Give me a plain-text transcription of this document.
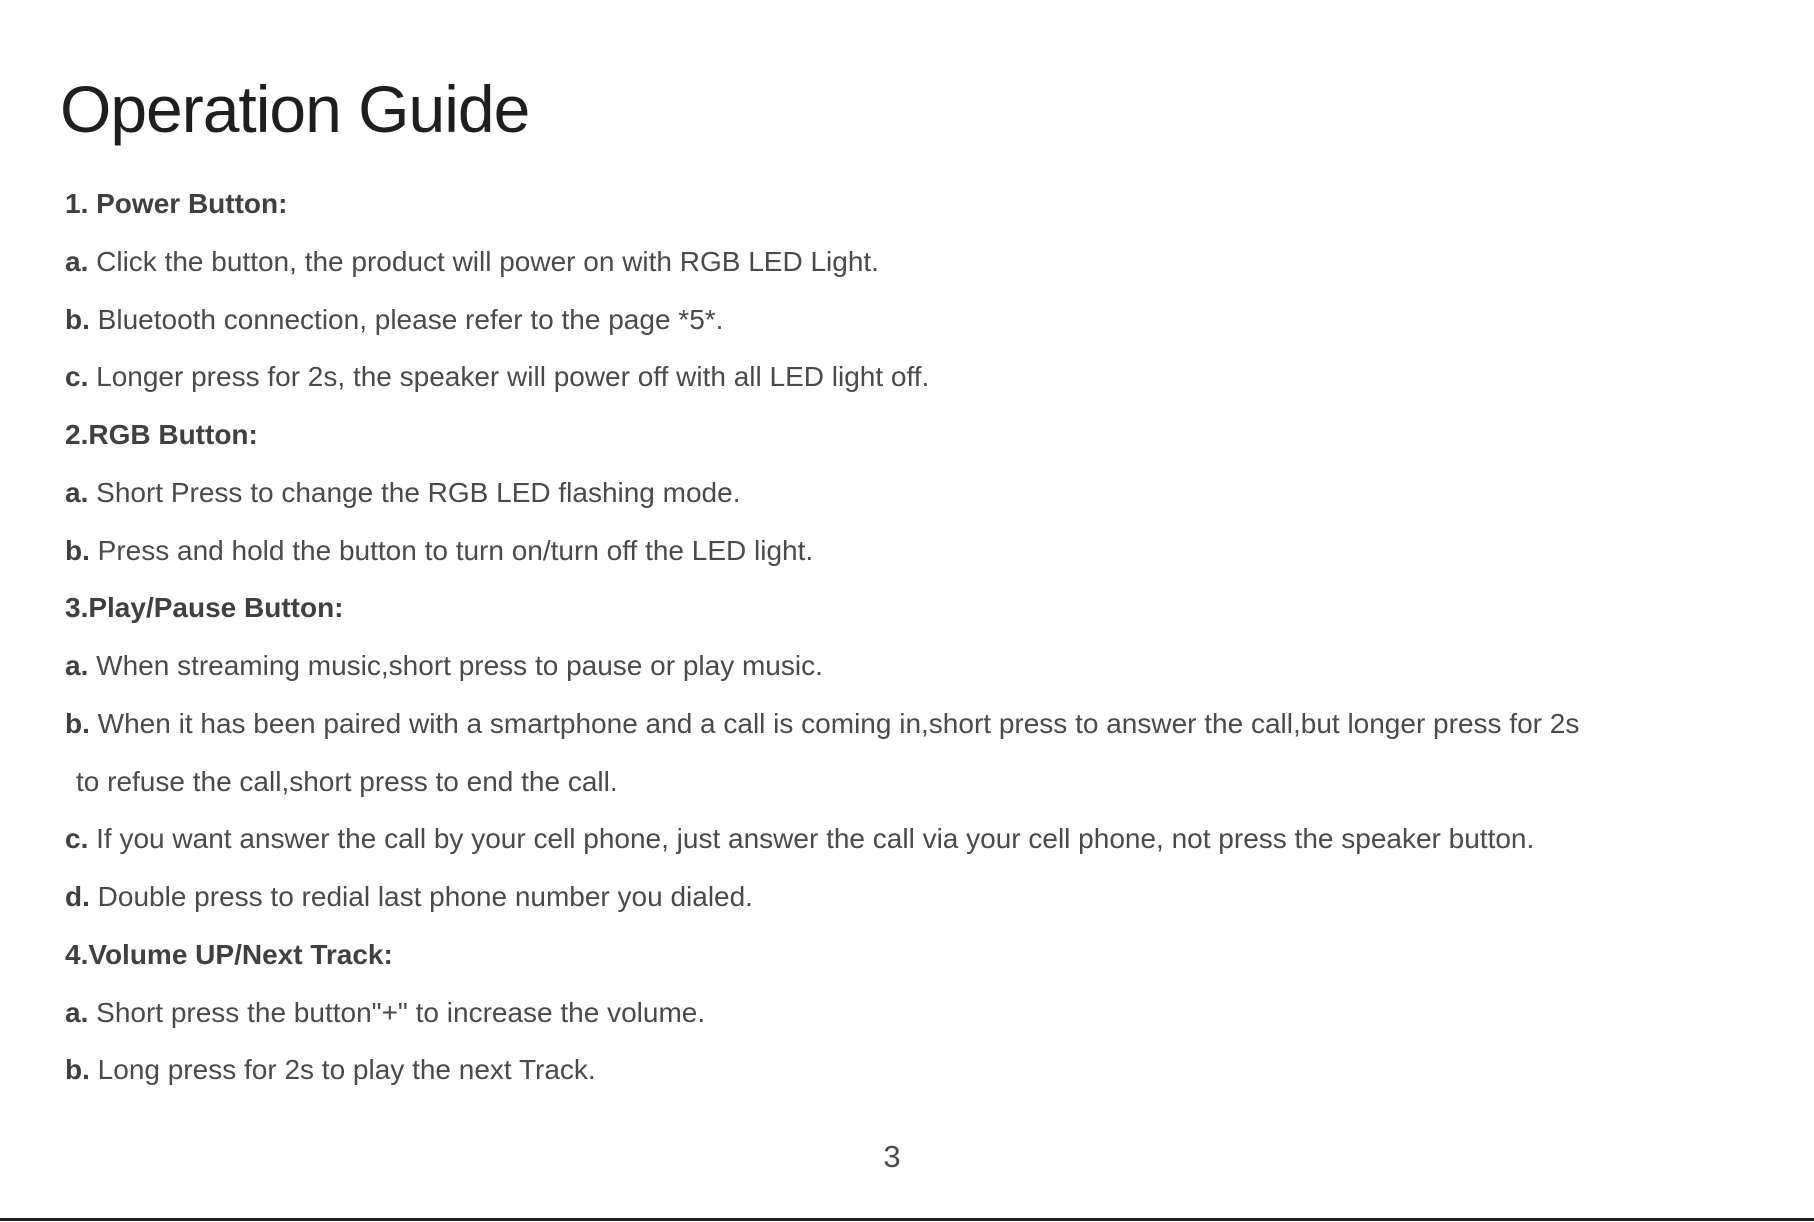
Operation Guide
1. Power Button:
a. Click the button, the product will power on with RGB LED Light.
b. Bluetooth connection, please refer to the page *5*.
c. Longer press for 2s, the speaker will power off with all LED light off.
2.RGB Button:
a. Short Press to change the RGB LED flashing mode.
b. Press and hold the button to turn on/turn off the LED light.
3.Play/Pause Button:
a. When streaming music,short press to pause or play music.
b. When it has been paired with a smartphone and a call is coming in,short press to answer the call,but longer press for 2s
to refuse the call,short press to end the call.
c. If you want answer the call by your cell phone, just answer the call via your cell phone, not press the speaker button.
d. Double press to redial last phone number you dialed.
4.Volume UP/Next Track:
a. Short press the button"+" to increase the volume.
b. Long press for 2s to play the next Track.
3
